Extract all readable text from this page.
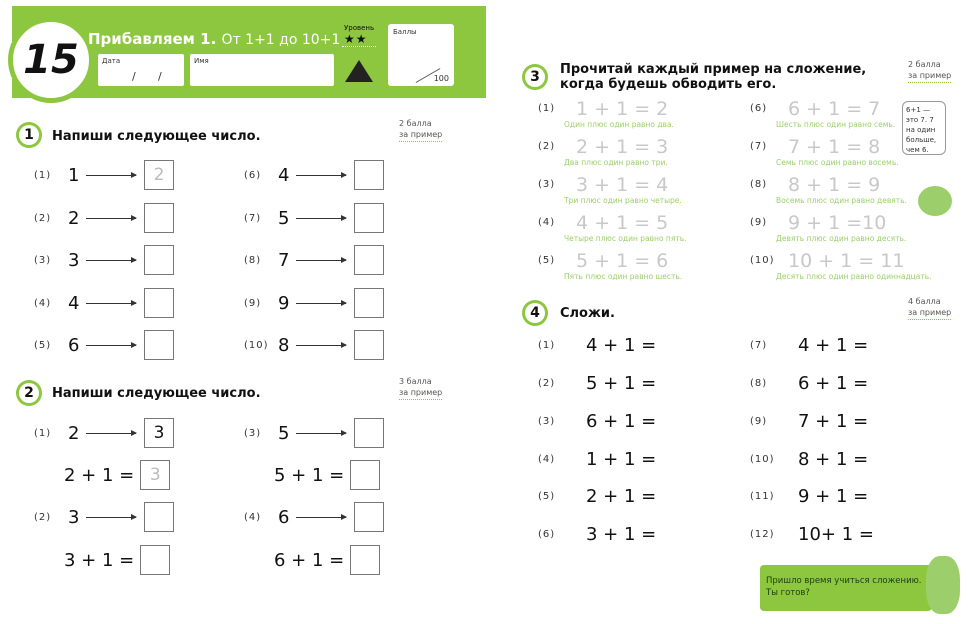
15 Прибавляем 1. От 1+1 до 10+1
Дата
/ /
Имя
Уровень
★★	Баллы
100
1	Напиши следующее число.
2 балла
за пример
(1) 1	2
(2) 2
(3) 3
(4) 4
(5) 6
(6) 4
(7) 5
(8) 7
(9) 9
(10) 8
2	Напиши следующее число.
3 балла
за пример
(1) 2	3
2 + 1 = 3
(2) 3
3 + 1 =
(3) 5
5 + 1 =
(4) 6
6 + 1 =
3	Прочитай каждый пример на сложение,
когда будешь обводить его.
2 балла
за пример
(1) 1 + 1 = 2
Один плюс один равно два.
(2) 2 + 1 = 3
Два плюс один равно три.
(3) 3 + 1 = 4
Три плюс один равно четыре.
(4) 4 + 1 = 5
Четыре плюс один равно пять.
(5) 5 + 1 = 6
Пять плюс один равно шесть.
(6) 6 + 1 = 7
Шесть плюс один равно семь.
(7) 7 + 1 = 8
Семь плюс один равно восемь.
(8) 8 + 1 = 9
Восемь плюс один равно девять.
(9) 9 + 1 =10
Девять плюс один равно десять.
(10) 10 + 1 = 11
Десять плюс один равно одиннадцать.
6+1 — это 7. 7 на один больше, чем 6.
4	Сложи.
4 балла
за пример
(1)	4 + 1 =
(2)	5 + 1 =
(3)	6 + 1 =
(4)	1 + 1 =
(5)	2 + 1 =
(6)	3 + 1 =
(7)	4 + 1 =
(8)	6 + 1 =
(9)	7 + 1 =
(10)	8 + 1 =
(11)	9 + 1 =
(12)	10+ 1 =
Пришло время учиться сложению. Ты готов?
